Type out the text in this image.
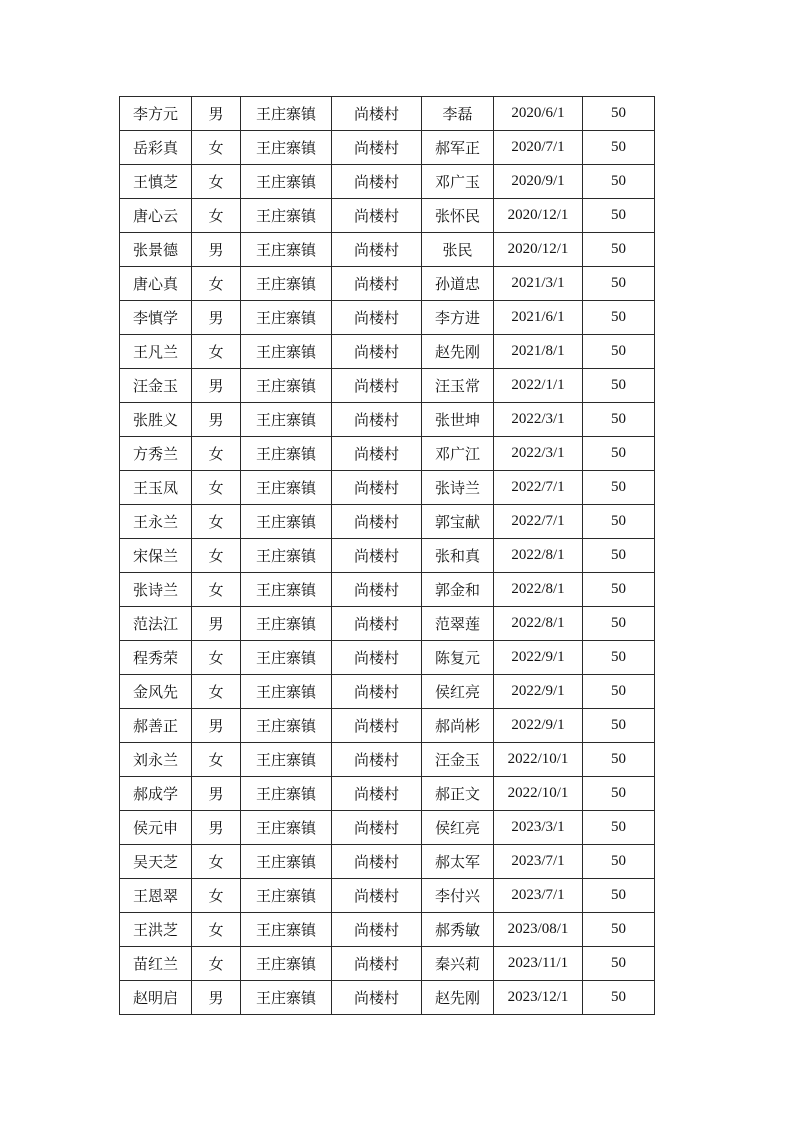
李方元	男	王庄寨镇	尚楼村	李磊	2020/6/1	50
岳彩真	女	王庄寨镇	尚楼村	郝军正	2020/7/1	50
王慎芝	女	王庄寨镇	尚楼村	邓广玉	2020/9/1	50
唐心云	女	王庄寨镇	尚楼村	张怀民	2020/12/1	50
张景德	男	王庄寨镇	尚楼村	张民	2020/12/1	50
唐心真	女	王庄寨镇	尚楼村	孙道忠	2021/3/1	50
李慎学	男	王庄寨镇	尚楼村	李方进	2021/6/1	50
王凡兰	女	王庄寨镇	尚楼村	赵先刚	2021/8/1	50
汪金玉	男	王庄寨镇	尚楼村	汪玉常	2022/1/1	50
张胜义	男	王庄寨镇	尚楼村	张世坤	2022/3/1	50
方秀兰	女	王庄寨镇	尚楼村	邓广江	2022/3/1	50
王玉凤	女	王庄寨镇	尚楼村	张诗兰	2022/7/1	50
王永兰	女	王庄寨镇	尚楼村	郭宝献	2022/7/1	50
宋保兰	女	王庄寨镇	尚楼村	张和真	2022/8/1	50
张诗兰	女	王庄寨镇	尚楼村	郭金和	2022/8/1	50
范法江	男	王庄寨镇	尚楼村	范翠莲	2022/8/1	50
程秀荣	女	王庄寨镇	尚楼村	陈复元	2022/9/1	50
金风先	女	王庄寨镇	尚楼村	侯红亮	2022/9/1	50
郝善正	男	王庄寨镇	尚楼村	郝尚彬	2022/9/1	50
刘永兰	女	王庄寨镇	尚楼村	汪金玉	2022/10/1	50
郝成学	男	王庄寨镇	尚楼村	郝正文	2022/10/1	50
侯元申	男	王庄寨镇	尚楼村	侯红亮	2023/3/1	50
吴天芝	女	王庄寨镇	尚楼村	郝太军	2023/7/1	50
王恩翠	女	王庄寨镇	尚楼村	李付兴	2023/7/1	50
王洪芝	女	王庄寨镇	尚楼村	郝秀敏	2023/08/1	50
苗红兰	女	王庄寨镇	尚楼村	秦兴莉	2023/11/1	50
赵明启	男	王庄寨镇	尚楼村	赵先刚	2023/12/1	50
